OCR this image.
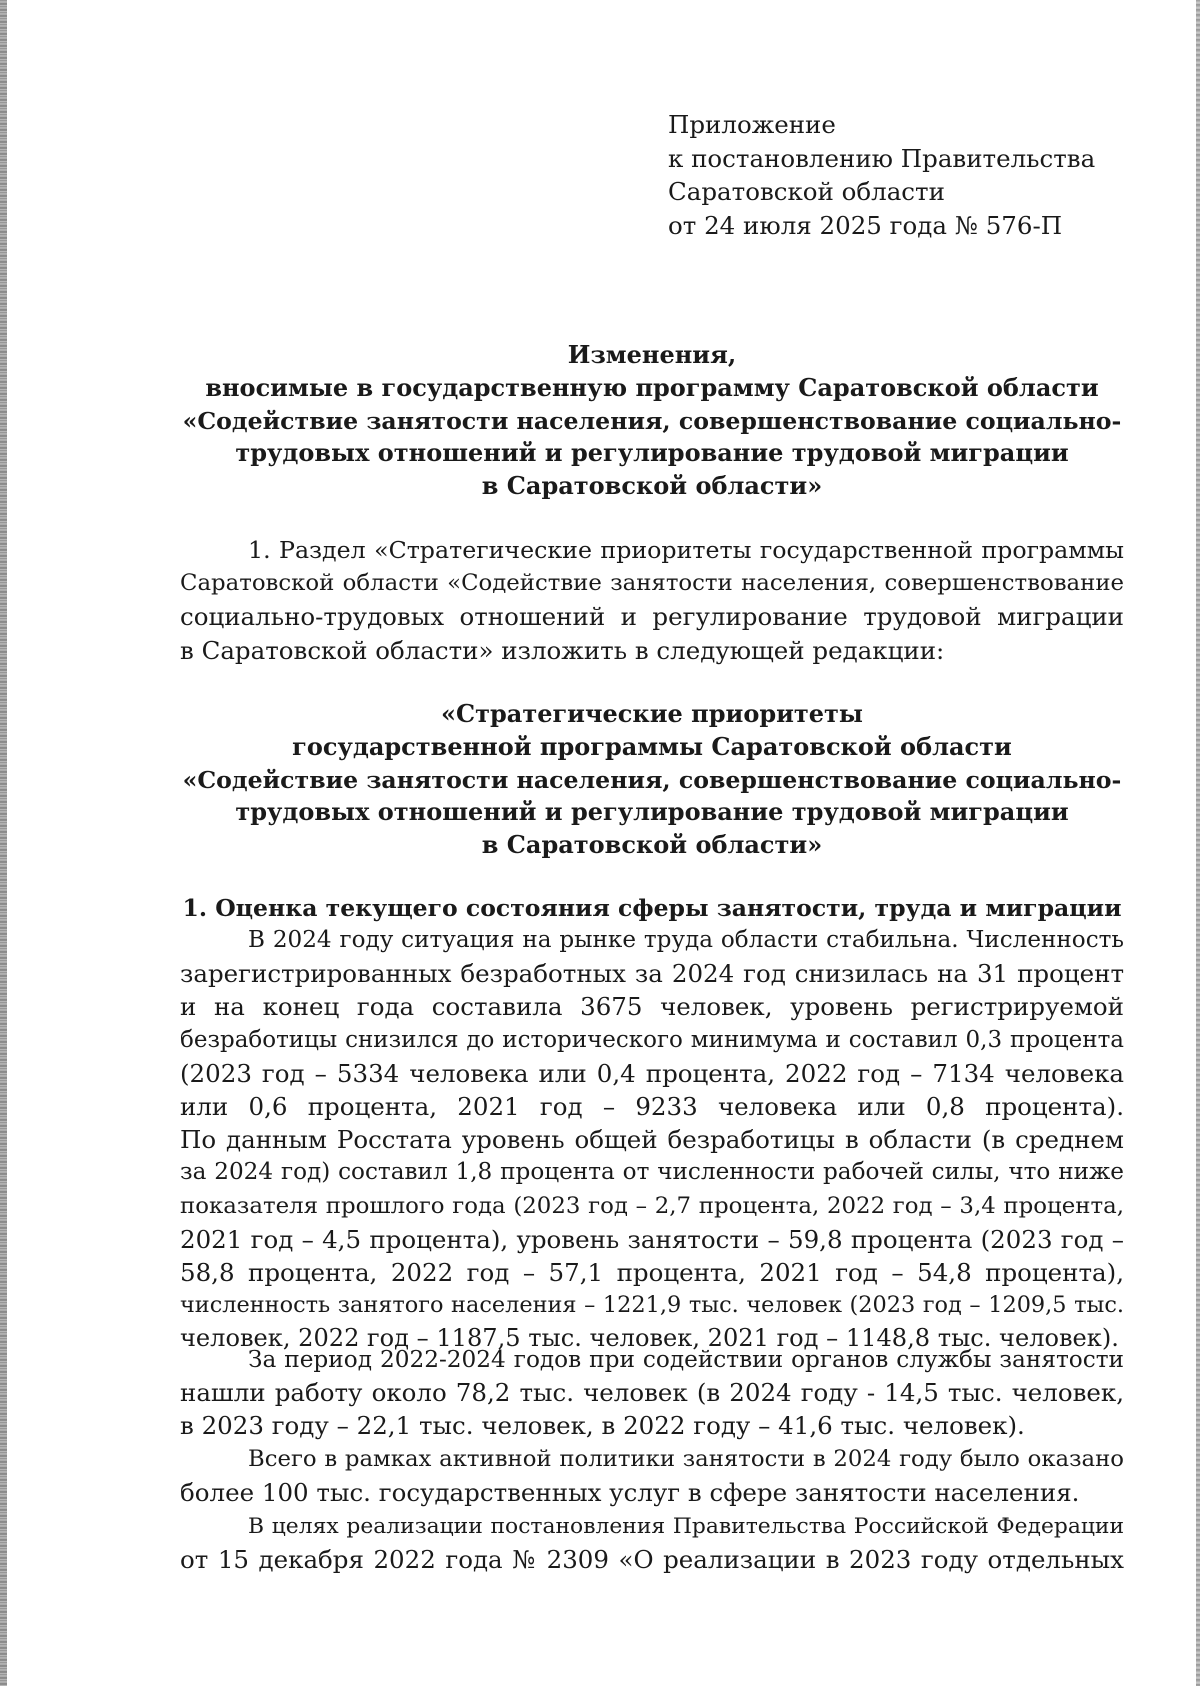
Приложение
к постановлению Правительства
Саратовской области
от 24 июля 2025 года № 576-П
Изменения,
вносимые в государственную программу Саратовской области
«Содействие занятости населения, совершенствование социально-
трудовых отношений и регулирование трудовой миграции
в Саратовской области»
1. Раздел «Стратегические приоритеты государственной программы
Саратовской области «Содействие занятости населения, совершенствование
социально-трудовых отношений и регулирование трудовой миграции
в Саратовской области» изложить в следующей редакции:
«Стратегические приоритеты
государственной программы Саратовской области
«Содействие занятости населения, совершенствование социально-
трудовых отношений и регулирование трудовой миграции
в Саратовской области»
1. Оценка текущего состояния сферы занятости, труда и миграции
В 2024 году ситуация на рынке труда области стабильна. Численность
зарегистрированных безработных за 2024 год снизилась на 31 процент
и на конец года составила 3675 человек, уровень регистрируемой
безработицы снизился до исторического минимума и составил 0,3 процента
(2023 год – 5334 человека или 0,4 процента, 2022 год – 7134 человека
или 0,6 процента, 2021 год – 9233 человека или 0,8 процента).
По данным Росстата уровень общей безработицы в области (в среднем
за 2024 год) составил 1,8 процента от численности рабочей силы, что ниже
показателя прошлого года (2023 год – 2,7 процента, 2022 год – 3,4 процента,
2021 год – 4,5 процента), уровень занятости – 59,8 процента (2023 год –
58,8 процента, 2022 год – 57,1 процента, 2021 год – 54,8 процента),
численность занятого населения – 1221,9 тыс. человек (2023 год – 1209,5 тыс.
человек, 2022 год – 1187,5 тыс. человек, 2021 год – 1148,8 тыс. человек).
За период 2022-2024 годов при содействии органов службы занятости
нашли работу около 78,2 тыс. человек (в 2024 году - 14,5 тыс. человек,
в 2023 году – 22,1 тыс. человек, в 2022 году – 41,6 тыс. человек).
Всего в рамках активной политики занятости в 2024 году было оказано
более 100 тыс. государственных услуг в сфере занятости населения.
В целях реализации постановления Правительства Российской Федерации
от 15 декабря 2022 года № 2309 «О реализации в 2023 году отдельных
